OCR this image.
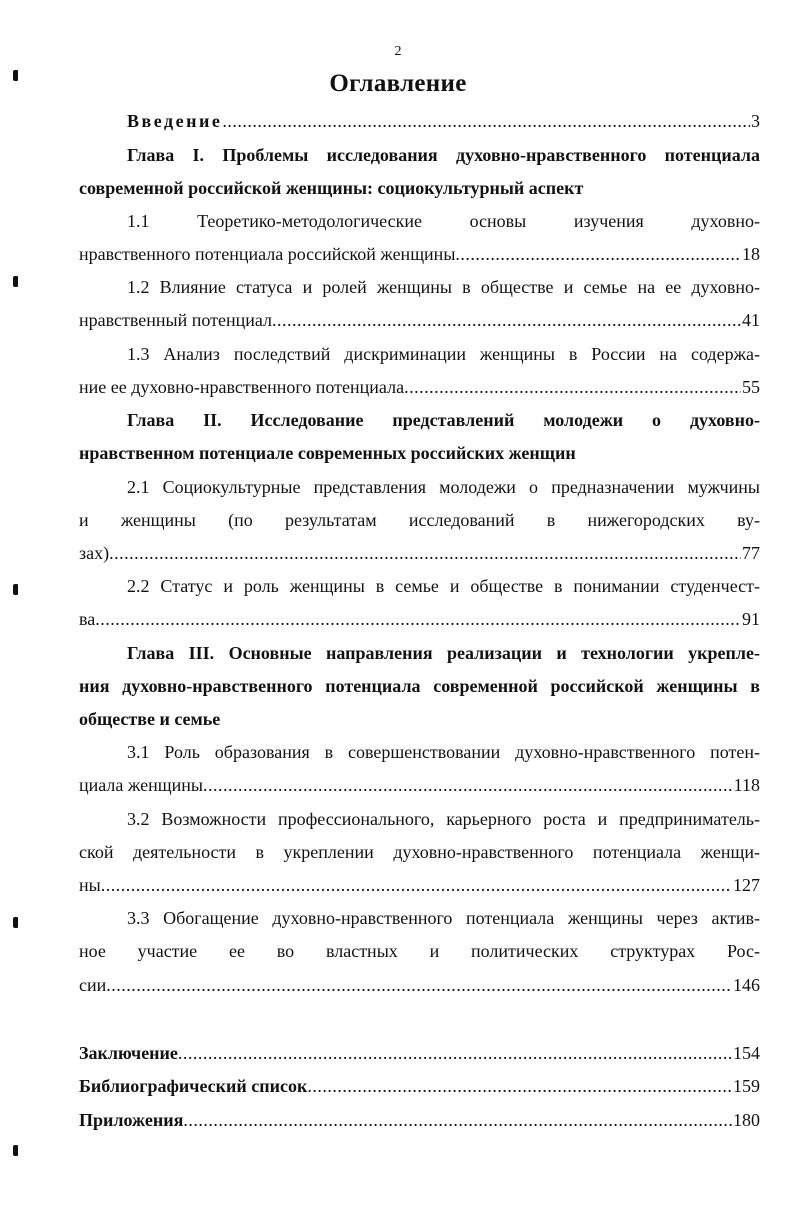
2
Оглавление
Введение .....	3
Глава I. Проблемы исследования духовно-нравственного потенциала
современной российской женщины: социокультурный аспект
1.1 Теоретико-методологические основы изучения духовно-
нравственного потенциала российской женщины .....	18
1.2 Влияние статуса и ролей женщины в обществе и семье на ее духовно-
нравственный потенциал .....	41
1.3 Анализ последствий дискриминации женщины в России на содержа-
ние ее духовно-нравственного потенциала .....	55
Глава II. Исследование представлений молодежи о духовно-
нравственном потенциале современных российских женщин
2.1 Социокультурные представления молодежи о предназначении мужчины
и женщины (по результатам исследований в нижегородских ву-
зах) .....	77
2.2 Статус и роль женщины в семье и обществе в понимании студенчест-
ва .....	91
Глава III. Основные направления реализации и технологии укрепле-
ния духовно-нравственного потенциала современной российской женщины в
обществе и семье
3.1 Роль образования в совершенствовании духовно-нравственного потен-
циала женщины .....	118
3.2 Возможности профессионального, карьерного роста и предприниматель-
ской деятельности в укреплении духовно-нравственного потенциала женщи-
ны .....	127
3.3 Обогащение духовно-нравственного потенциала женщины через актив-
ное участие ее во властных и политических структурах Рос-
сии .....	146
Заключение .....	154
Библиографический список .....	159
Приложения .....	180
